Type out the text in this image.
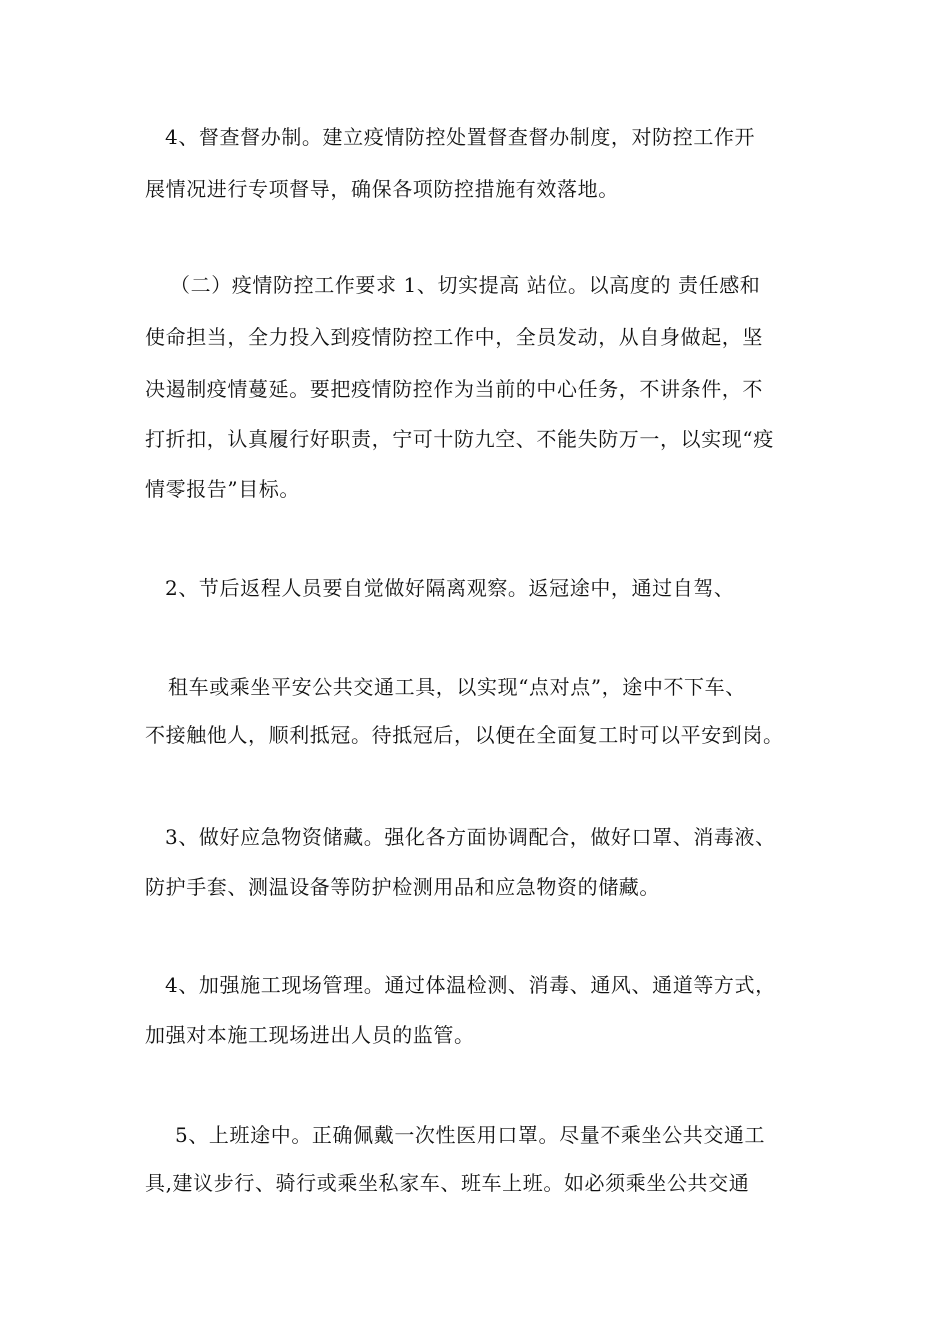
4、督查督办制。建立疫情防控处置督查督办制度，对防控工作开
展情况进行专项督导，确保各项防控措施有效落地。
（二）疫情防控工作要求 1、切实提高 站位。以高度的 责任感和
使命担当，全力投入到疫情防控工作中，全员发动，从自身做起，坚
决遏制疫情蔓延。要把疫情防控作为当前的中心任务，不讲条件，不
打折扣，认真履行好职责，宁可十防九空、不能失防万一，以实现“疫
情零报告”目标。
2、节后返程人员要自觉做好隔离观察。返冠途中，通过自驾、
租车或乘坐平安公共交通工具，以实现“点对点”，途中不下车、
不接触他人，顺利抵冠。待抵冠后，以便在全面复工时可以平安到岗。
3、做好应急物资储藏。强化各方面协调配合，做好口罩、消毒液、
防护手套、测温设备等防护检测用品和应急物资的储藏。
4、加强施工现场管理。通过体温检测、消毒、通风、通道等方式，
加强对本施工现场进出人员的监管。
5、上班途中。正确佩戴一次性医用口罩。尽量不乘坐公共交通工
具,建议步行、骑行或乘坐私家车、班车上班。如必须乘坐公共交通
